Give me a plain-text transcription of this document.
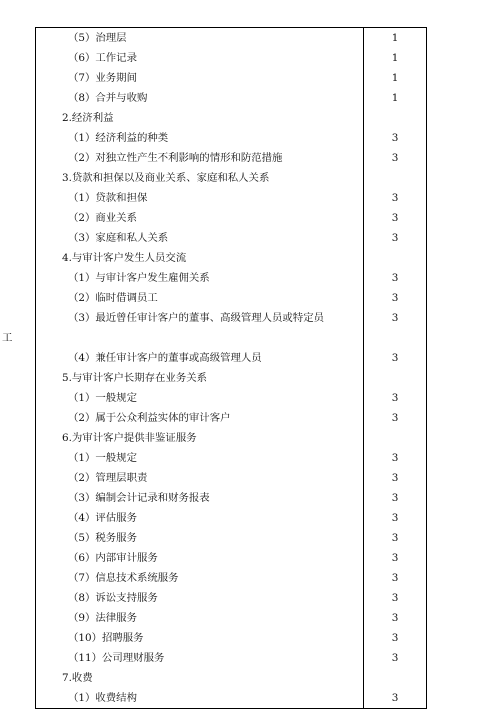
（5）治理层	1

（6）工作记录	1

（7）业务期间	1

（8）合并与收购	1

2.经济利益	

（1）经济利益的种类	3

（2）对独立性产生不利影响的情形和防范措施	3

3.贷款和担保以及商业关系、家庭和私人关系	

（1）贷款和担保	3

（2）商业关系	3

（3）家庭和私人关系	3

4.与审计客户发生人员交流	

（1）与审计客户发生雇佣关系	3

（2）临时借调员工	3

（3）最近曾任审计客户的董事、高级管理人员或特定员
工	3

（4）兼任审计客户的董事或高级管理人员	3

5.与审计客户长期存在业务关系	

（1）一般规定	3

（2）属于公众利益实体的审计客户	3

6.为审计客户提供非鉴证服务	

（1）一般规定	3

（2）管理层职责	3

（3）编制会计记录和财务报表	3

（4）评估服务	3

（5）税务服务	3

（6）内部审计服务	3

（7）信息技术系统服务	3

（8）诉讼支持服务	3

（9）法律服务	3

（10）招聘服务	3

（11）公司理财服务	3

7.收费	

（1）收费结构	3
